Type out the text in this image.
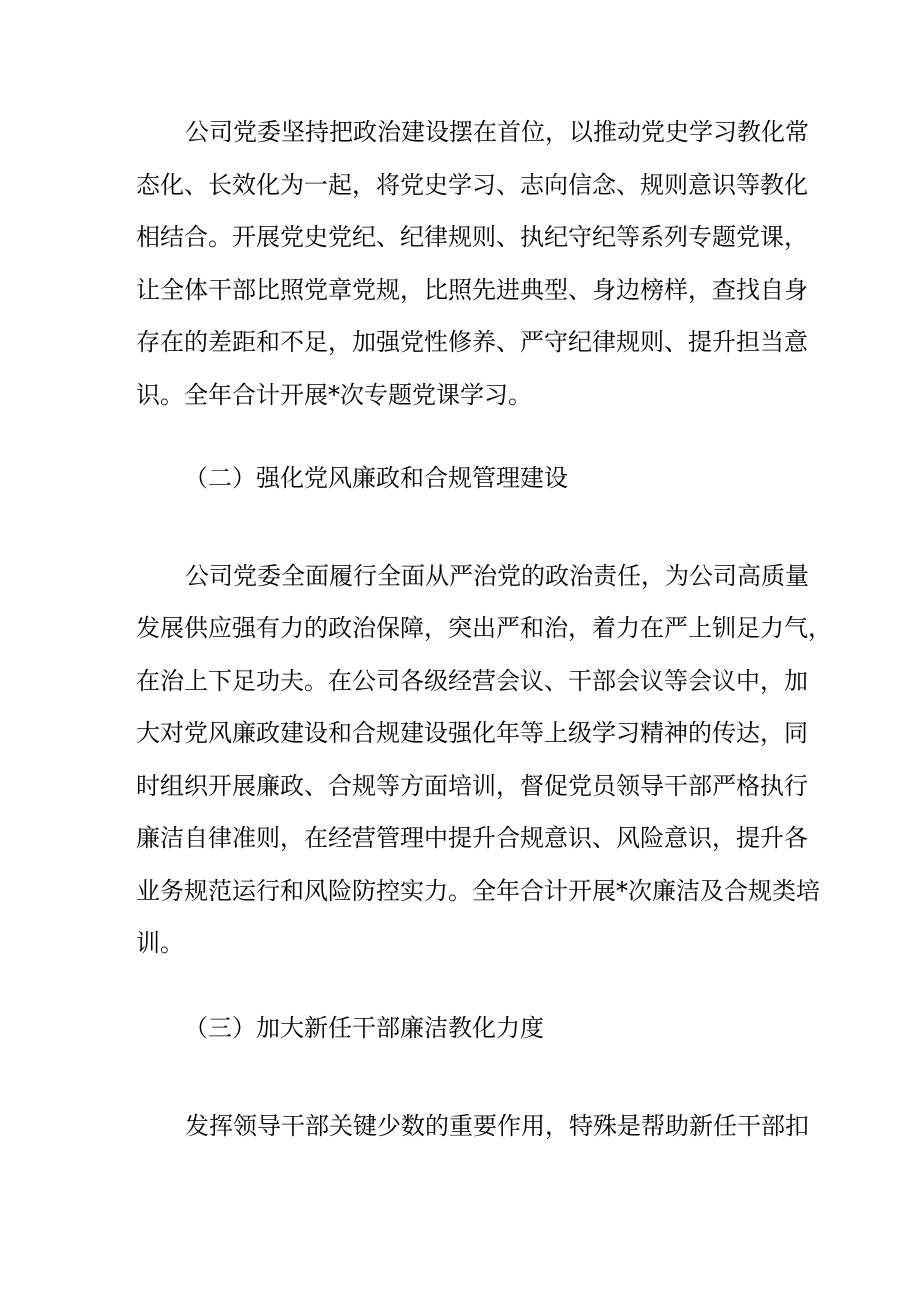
公司党委坚持把政治建设摆在首位，以推动党史学习教化常
态化、长效化为一起，将党史学习、志向信念、规则意识等教化
相结合。开展党史党纪、纪律规则、执纪守纪等系列专题党课，
让全体干部比照党章党规，比照先进典型、身边榜样，查找自身
存在的差距和不足，加强党性修养、严守纪律规则、提升担当意
识。全年合计开展*次专题党课学习。
（二）强化党风廉政和合规管理建设
公司党委全面履行全面从严治党的政治责任，为公司高质量
发展供应强有力的政治保障，突出严和治，着力在严上钏足力气，
在治上下足功夫。在公司各级经营会议、干部会议等会议中，加
大对党风廉政建设和合规建设强化年等上级学习精神的传达，同
时组织开展廉政、合规等方面培训，督促党员领导干部严格执行
廉洁自律准则，在经营管理中提升合规意识、风险意识，提升各
业务规范运行和风险防控实力。全年合计开展*次廉洁及合规类培
训。
（三）加大新任干部廉洁教化力度
发挥领导干部关键少数的重要作用，特殊是帮助新任干部扣
